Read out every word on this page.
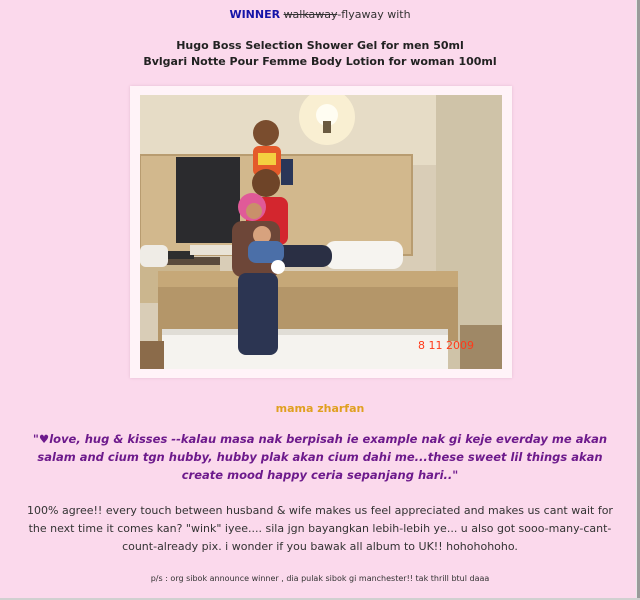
WINNER walkaway-flyaway with
Hugo Boss Selection Shower Gel for men 50ml
Bvlgari Notte Pour Femme Body Lotion for woman 100ml
8 11 2009
mama zharfan
"♥love, hug & kisses --kalau masa nak berpisah ie example nak gi keje everday me akan salam and cium tgn hubby, hubby plak akan cium dahi me...these sweet lil things akan create mood happy ceria sepanjang hari.."
100% agree!! every touch between husband & wife makes us feel appreciated and makes us cant wait for the next time it comes kan? "wink" iyee.... sila jgn bayangkan lebih-lebih ye... u also got sooo-many-cant-count-already pix. i wonder if you bawak all album to UK!! hohohohoho.
p/s : org sibok announce winner , dia pulak sibok gi manchester!! tak thrill btul daaa
